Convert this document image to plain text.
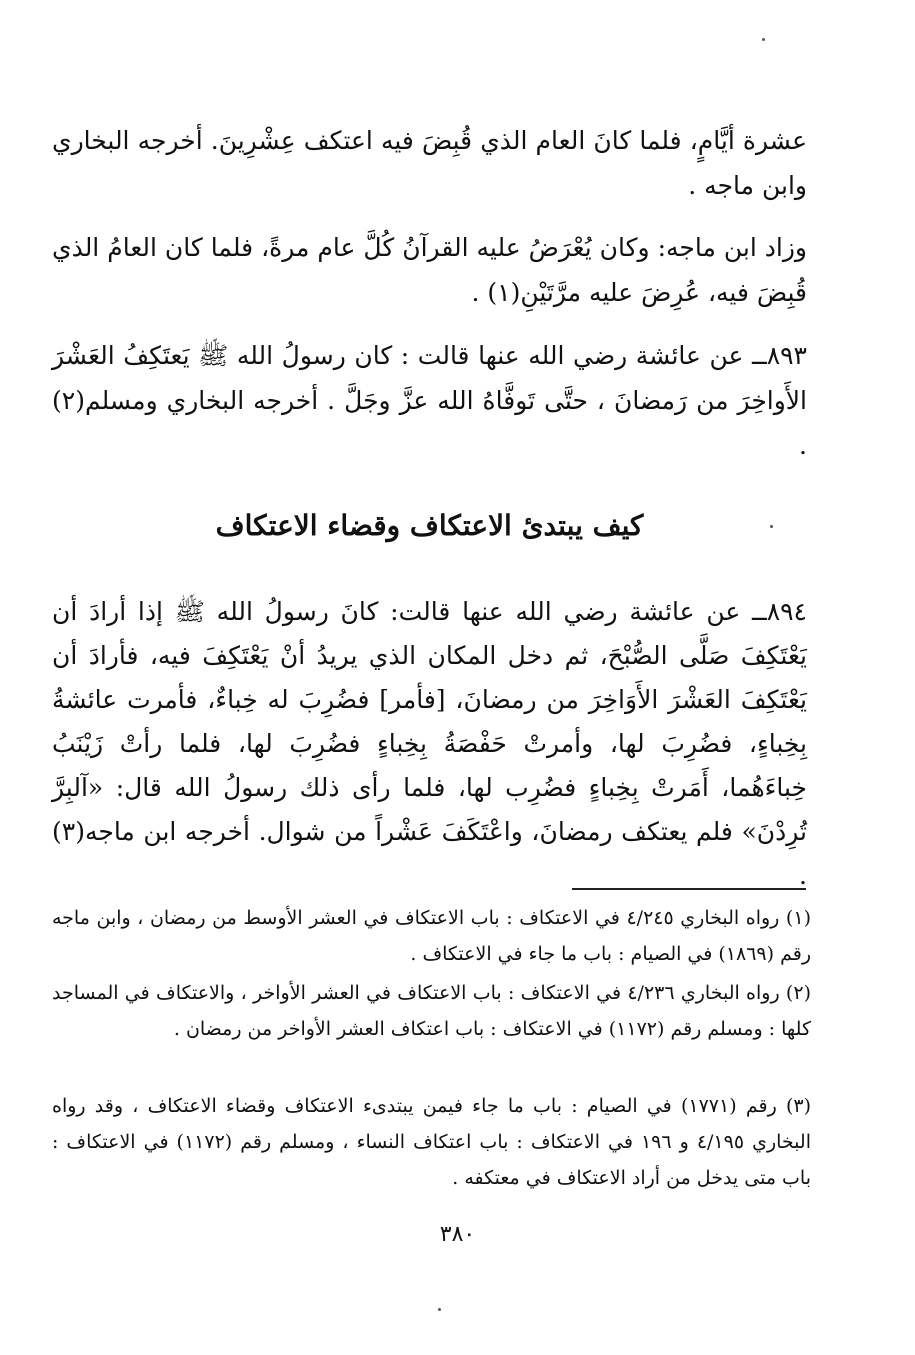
عشرة أيَّامٍ، فلما كانَ العام الذي قُبِضَ فيه اعتكف عِشْرِينَ. أخرجه البخاري وابن ماجه .
وزاد ابن ماجه: وكان يُعْرَضُ عليه القرآنُ كُلَّ عام مرةً، فلما كان العامُ الذي قُبِضَ فيه، عُرِضَ عليه مرَّتَيْنِ(١) .
٨٩٣ــ عن عائشة رضي الله عنها قالت : كان رسولُ الله ﷺ يَعتَكِفُ العَشْرَ الأَواخِرَ من رَمضانَ ، حتَّى تَوفَّاهُ الله عزَّ وجَلَّ . أخرجه البخاري ومسلم(٢) .
كيف يبتدئ الاعتكاف وقضاء الاعتكاف
٨٩٤ــ عن عائشة رضي الله عنها قالت: كانَ رسولُ الله ﷺ إذا أرادَ أن يَعْتَكِفَ صَلَّى الصُّبْحَ، ثم دخل المكان الذي يريدُ أنْ يَعْتَكِفَ فيه، فأرادَ أن يَعْتَكِفَ العَشْرَ الأَوَاخِرَ من رمضانَ، [فأمر] فضُرِبَ له خِباءٌ، فأمرت عائشةُ بِخِباءٍ، فضُرِبَ لها، وأمرتْ حَفْصَةُ بِخِباءٍ فضُرِبَ لها، فلما رأتْ زَيْنَبُ خِباءَهُما، أَمَرتْ بِخِباءٍ فضُرِب لها، فلما رأى ذلك رسولُ الله قال: «آلبِرَّ تُرِدْنَ» فلم يعتكف رمضانَ، واعْتَكَفَ عَشْراً من شوال. أخرجه ابن ماجه(٣) .
(١) رواه البخاري ٤/٢٤٥ في الاعتكاف : باب الاعتكاف في العشر الأوسط من رمضان ، وابن ماجه رقم (١٨٦٩) في الصيام : باب ما جاء في الاعتكاف .
(٢) رواه البخاري ٤/٢٣٦ في الاعتكاف : باب الاعتكاف في العشر الأواخر ، والاعتكاف في المساجد كلها : ومسلم رقم (١١٧٢) في الاعتكاف : باب اعتكاف العشر الأواخر من رمضان .
(٣) رقم (١٧٧١) في الصيام : باب ما جاء فيمن يبتدىء الاعتكاف وقضاء الاعتكاف ، وقد رواه البخاري ٤/١٩٥ و ١٩٦ في الاعتكاف : باب اعتكاف النساء ، ومسلم رقم (١١٧٢) في الاعتكاف : باب متى يدخل من أراد الاعتكاف في معتكفه .
٣٨٠
